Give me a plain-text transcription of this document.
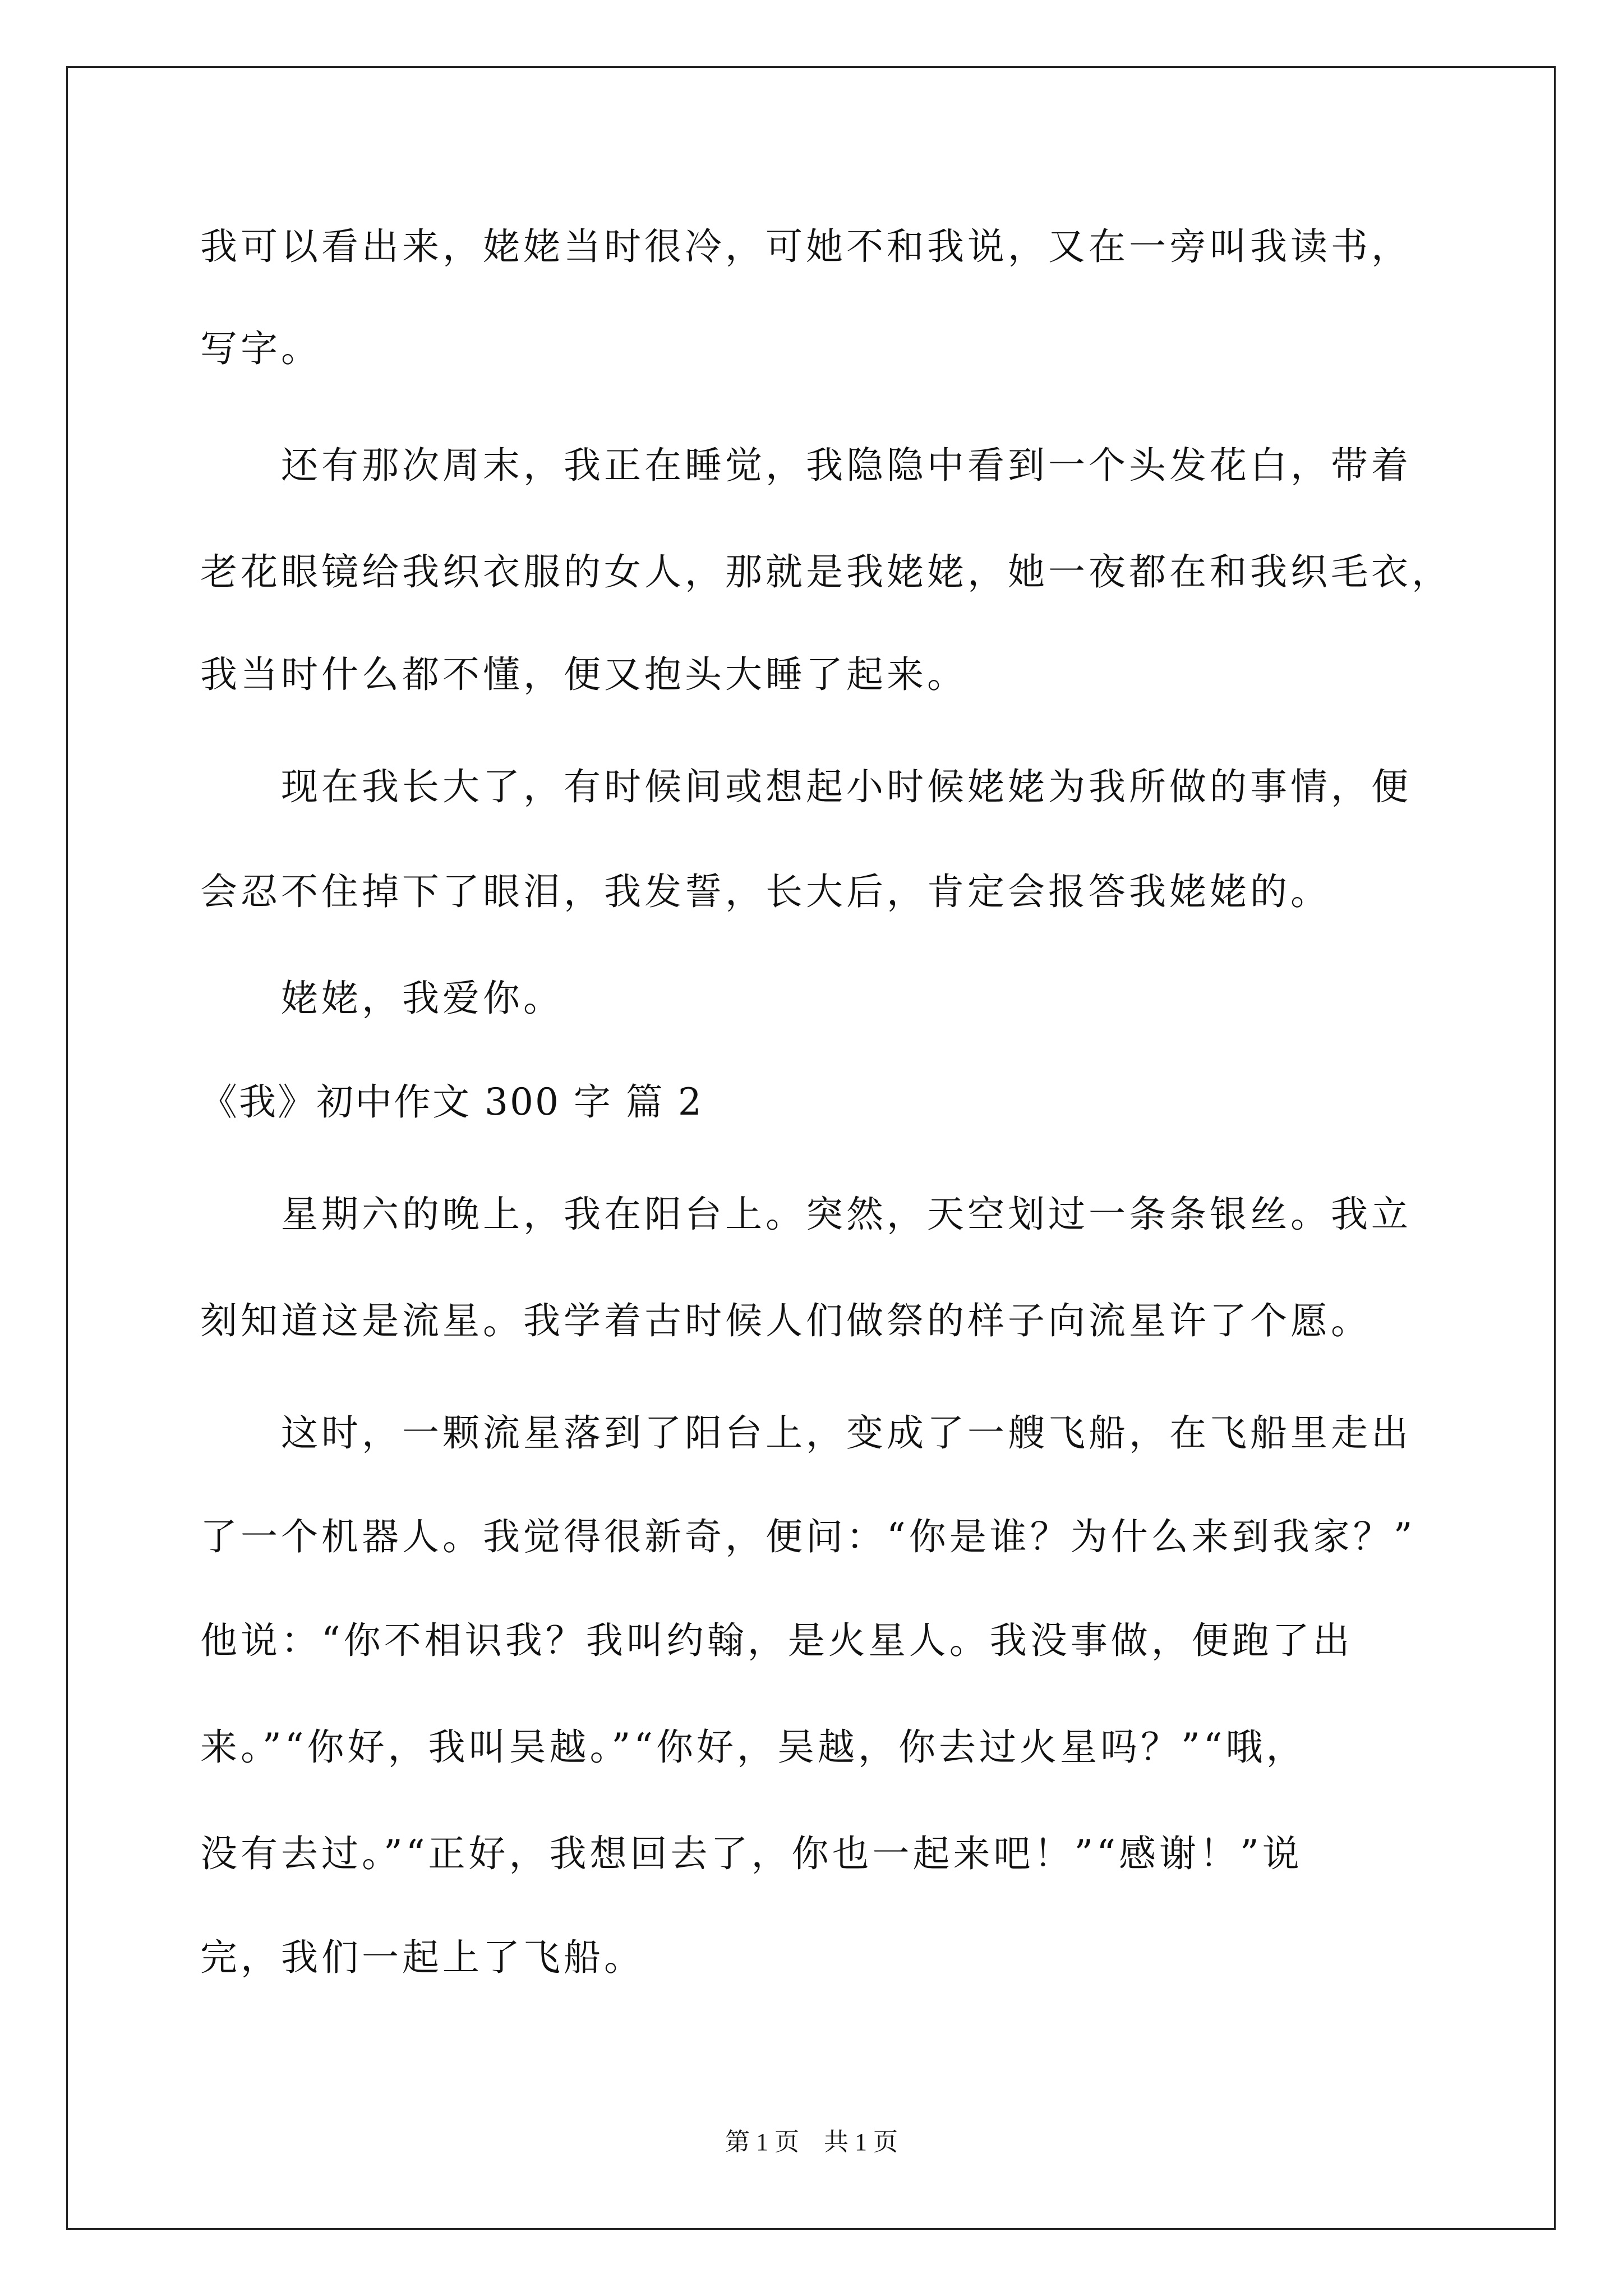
我可以看出来，姥姥当时很冷，可她不和我说，又在一旁叫我读书，
写字。
还有那次周末，我正在睡觉，我隐隐中看到一个头发花白，带着
老花眼镜给我织衣服的女人，那就是我姥姥，她一夜都在和我织毛衣，
我当时什么都不懂，便又抱头大睡了起来。
现在我长大了，有时候间或想起小时候姥姥为我所做的事情，便
会忍不住掉下了眼泪，我发誓，长大后，肯定会报答我姥姥的。
姥姥，我爱你。
《我》初中作文 300 字 篇 2
星期六的晚上，我在阳台上。突然，天空划过一条条银丝。我立
刻知道这是流星。我学着古时候人们做祭的样子向流星许了个愿。
这时，一颗流星落到了阳台上，变成了一艘飞船，在飞船里走出
了一个机器人。我觉得很新奇，便问：“你是谁？为什么来到我家？”
他说：“你不相识我？我叫约翰，是火星人。我没事做，便跑了出
来。”“你好，我叫吴越。”“你好，吴越，你去过火星吗？”“哦，
没有去过。”“正好，我想回去了，你也一起来吧！”“感谢！”说
完，我们一起上了飞船。
第 1 页    共 1 页
